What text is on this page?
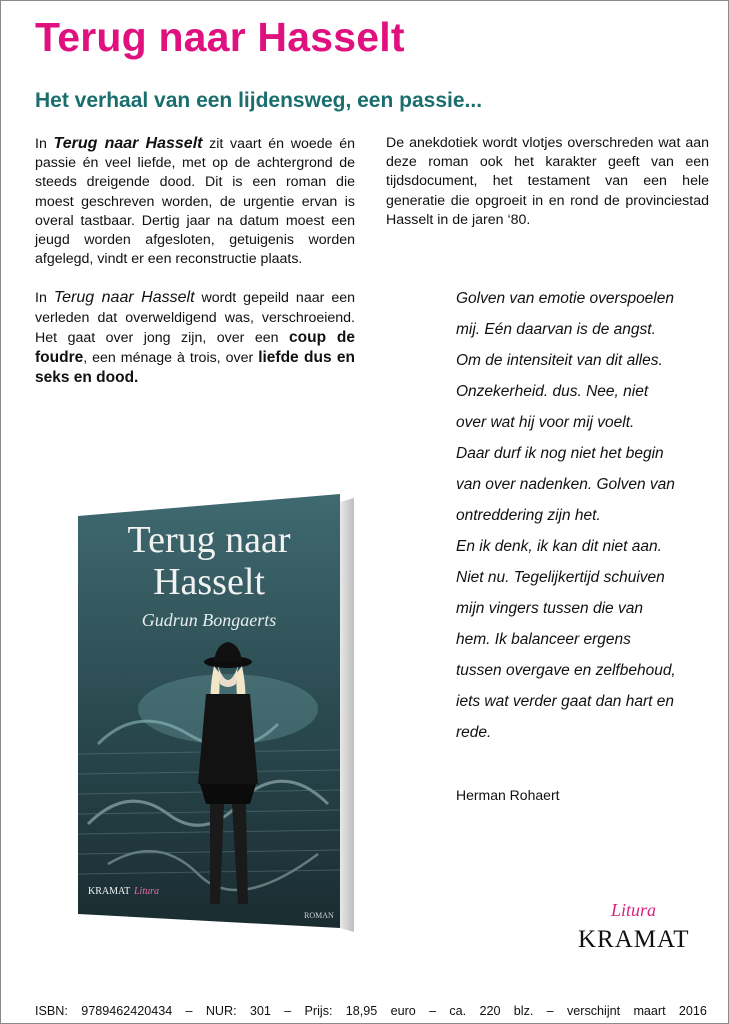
Terug naar Hasselt
Het verhaal van een lijdensweg, een passie...

In Terug naar Hasselt zit vaart én woede én passie én veel liefde, met op de achtergrond de steeds dreigende dood. Dit is een roman die moest geschreven worden, de urgentie ervan is overal tastbaar. Dertig jaar na datum moest een jeugd worden afgesloten, getuigenis worden afgelegd, vindt er een reconstructie plaats.

In Terug naar Hasselt wordt gepeild naar een verleden dat overweldigend was, verschroeiend. Het gaat over jong zijn, over een coup de foudre, een ménage à trois, over liefde dus en seks en dood.

De anekdotiek wordt vlotjes overschreden wat aan deze roman ook het karakter geeft van een tijdsdocument, het testament van een hele generatie die opgroeit in en rond de provinciestad Hasselt in de jaren ‘80.

Golven van emotie overspoelen
mij. Eén daarvan is de angst.
Om de intensiteit van dit alles.
Onzekerheid. dus. Nee, niet
over wat hij voor mij voelt.
Daar durf ik nog niet het begin
van over nadenken. Golven van
ontreddering zijn het.
En ik denk, ik kan dit niet aan.
Niet nu. Tegelijkertijd schuiven
mijn vingers tussen die van
hem. Ik balanceer ergens
tussen overgave en zelfbehoud,
iets wat verder gaat dan hart en
rede.
Herman Rohaert
Terug naar
Hasselt
Gudrun Bongaerts
KRAMAT Litura
ROMAN	Litura
KRAMAT
ISBN: 9789462420434 – NUR: 301 – Prijs: 18,95 euro – ca. 220 blz. – verschijnt maart 2016
